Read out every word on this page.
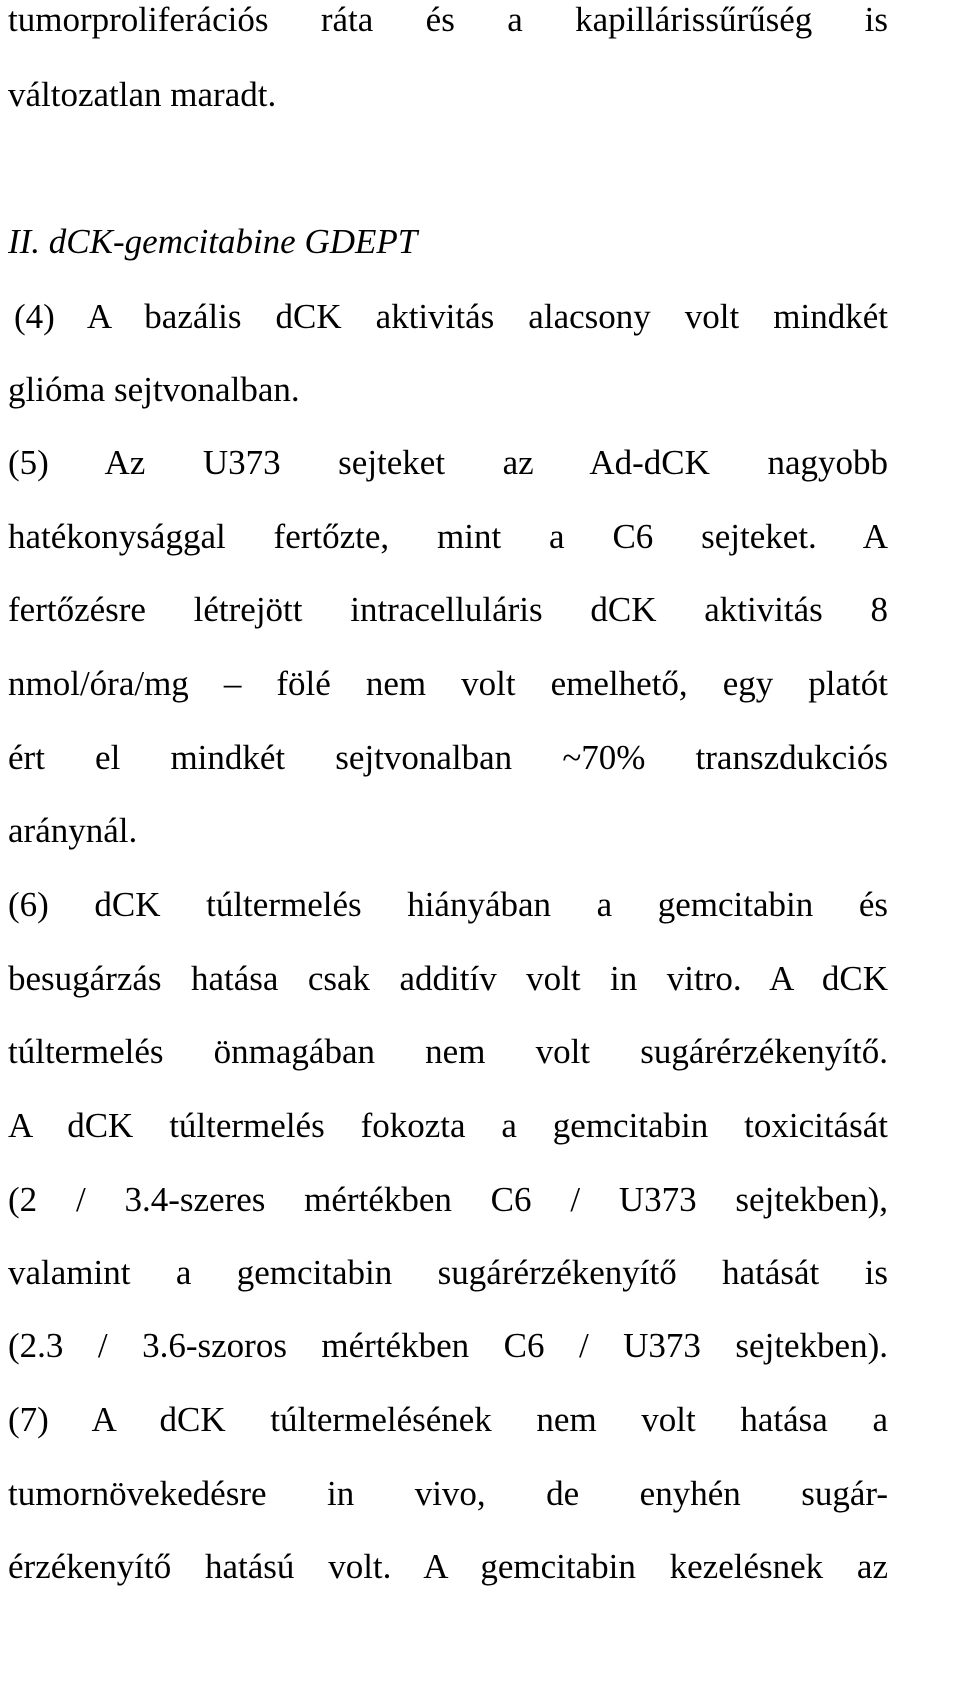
tumorproliferációs ráta és a kapillárissűrűség is
változatlan maradt.
II. dCK-gemcitabine GDEPT
(4) A bazális dCK aktivitás alacsony volt mindkét
glióma sejtvonalban.
(5) Az U373 sejteket az Ad-dCK nagyobb
hatékonysággal fertőzte, mint a C6 sejteket. A
fertőzésre létrejött intracelluláris dCK aktivitás 8
nmol/óra/mg – fölé nem volt emelhető, egy platót
ért el mindkét sejtvonalban ~70% transzdukciós
aránynál.
(6) dCK túltermelés hiányában a gemcitabin és
besugárzás hatása csak additív volt in vitro. A dCK
túltermelés önmagában nem volt sugárérzékenyítő.
A dCK túltermelés fokozta a gemcitabin toxicitását
(2 / 3.4-szeres mértékben C6 / U373 sejtekben),
valamint a gemcitabin sugárérzékenyítő hatását is
(2.3 / 3.6-szoros mértékben C6 / U373 sejtekben).
(7) A dCK túltermelésének nem volt hatása a
tumornövekedésre in vivo, de enyhén sugár-
érzékenyítő hatású volt. A gemcitabin kezelésnek az
